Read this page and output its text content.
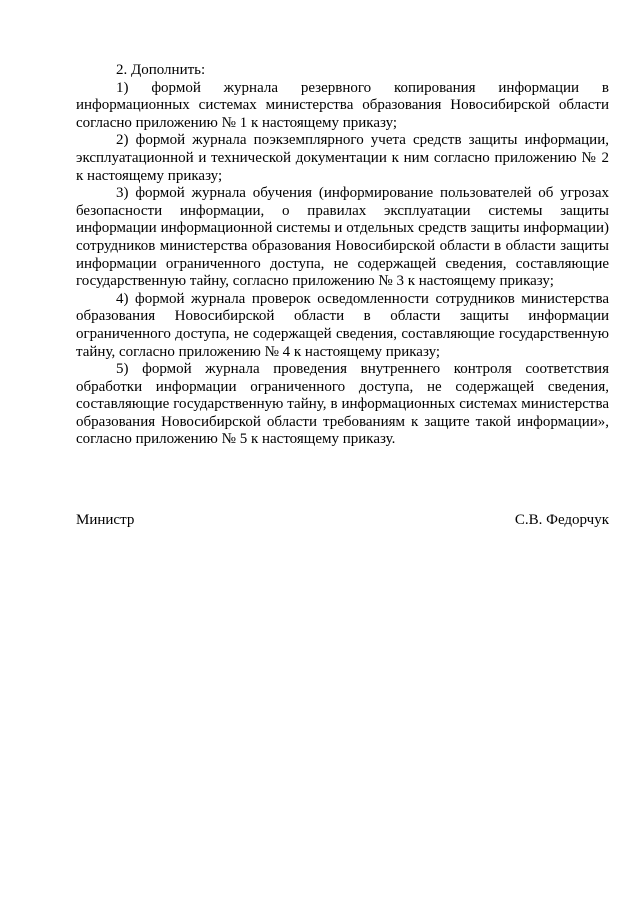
2. Дополнить:

1) формой журнала резервного копирования информации в информационных системах министерства образования Новосибирской области согласно приложению № 1 к настоящему приказу;

2) формой журнала поэкземплярного учета средств защиты информации, эксплуатационной и технической документации к ним согласно приложению № 2 к настоящему приказу;

3) формой журнала обучения (информирование пользователей об угрозах безопасности информации, о правилах эксплуатации системы защиты информации информационной системы и отдельных средств защиты информации) сотрудников министерства образования Новосибирской области в области защиты информации ограниченного доступа, не содержащей сведения, составляющие государственную тайну, согласно приложению № 3 к настоящему приказу;

4) формой журнала проверок осведомленности сотрудников министерства образования Новосибирской области в области защиты информации ограниченного доступа, не содержащей сведения, составляющие государственную тайну, согласно приложению № 4 к настоящему приказу;

5) формой журнала проведения внутреннего контроля соответствия обработки информации ограниченного доступа, не содержащей сведения, составляющие государственную тайну, в информационных системах министерства образования Новосибирской области требованиям к защите такой информации», согласно приложению № 5 к настоящему приказу.

Министр	С.В. Федорчук
